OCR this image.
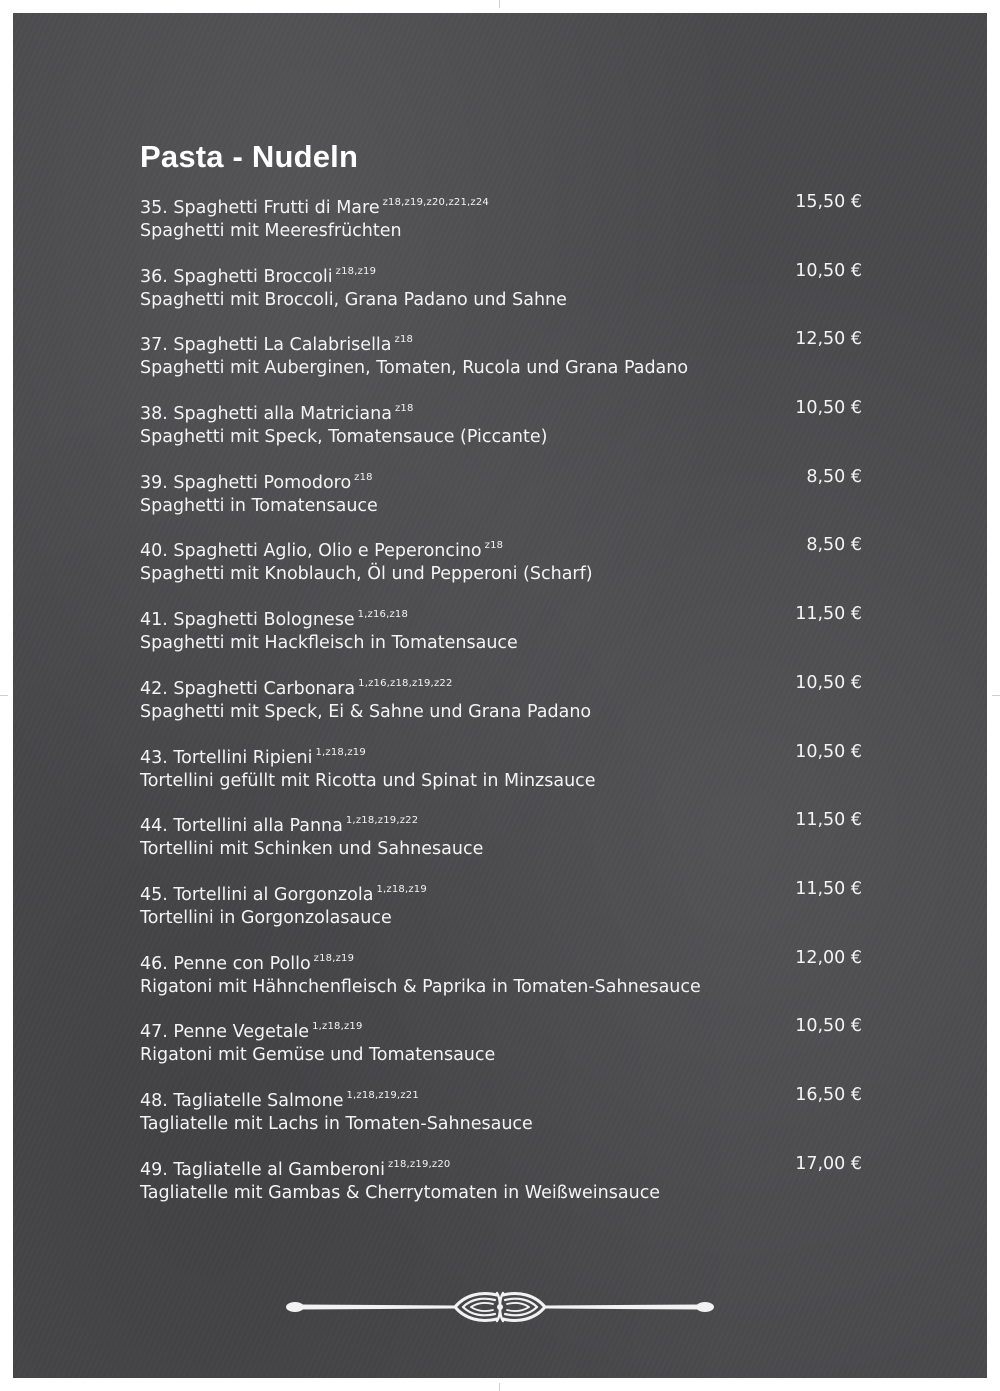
Pasta - Nudeln
35. Spaghetti Frutti di Mare $^{z18,z19,z20,z21,z24}$
Spaghetti mit Meeresfrüchten
15,50 €
36. Spaghetti Broccoli $^{z18,z19}$
Spaghetti mit Broccoli, Grana Padano und Sahne
10,50 €
37. Spaghetti La Calabrisella $^{z18}$
Spaghetti mit Auberginen, Tomaten, Rucola und Grana Padano
12,50 €
38. Spaghetti alla Matriciana $^{z18}$
Spaghetti mit Speck, Tomatensauce (Piccante)
10,50 €
39. Spaghetti Pomodoro $^{z18}$
Spaghetti in Tomatensauce
8,50 €
40. Spaghetti Aglio, Olio e Peperoncino $^{z18}$
Spaghetti mit Knoblauch, Öl und Pepperoni (Scharf)
8,50 €
41. Spaghetti Bolognese $^{1,z16,z18}$
Spaghetti mit Hackfleisch in Tomatensauce
11,50 €
42. Spaghetti Carbonara $^{1,z16,z18,z19,z22}$
Spaghetti mit Speck, Ei & Sahne und Grana Padano
10,50 €
43. Tortellini Ripieni $^{1,z18,z19}$
Tortellini gefüllt mit Ricotta und Spinat in Minzsauce
10,50 €
44. Tortellini alla Panna $^{1,z18,z19,z22}$
Tortellini mit Schinken und Sahnesauce
11,50 €
45. Tortellini al Gorgonzola $^{1,z18,z19}$
Tortellini in Gorgonzolasauce
11,50 €
46. Penne con Pollo $^{z18,z19}$
Rigatoni mit Hähnchenfleisch & Paprika in Tomaten-Sahnesauce
12,00 €
47. Penne Vegetale $^{1,z18,z19}$
Rigatoni mit Gemüse und Tomatensauce
10,50 €
48. Tagliatelle Salmone $^{1,z18,z19,z21}$
Tagliatelle mit Lachs in Tomaten-Sahnesauce
16,50 €
49. Tagliatelle al Gamberoni $^{z18,z19,z20}$
Tagliatelle mit Gambas & Cherrytomaten in Weißweinsauce
17,00 €
